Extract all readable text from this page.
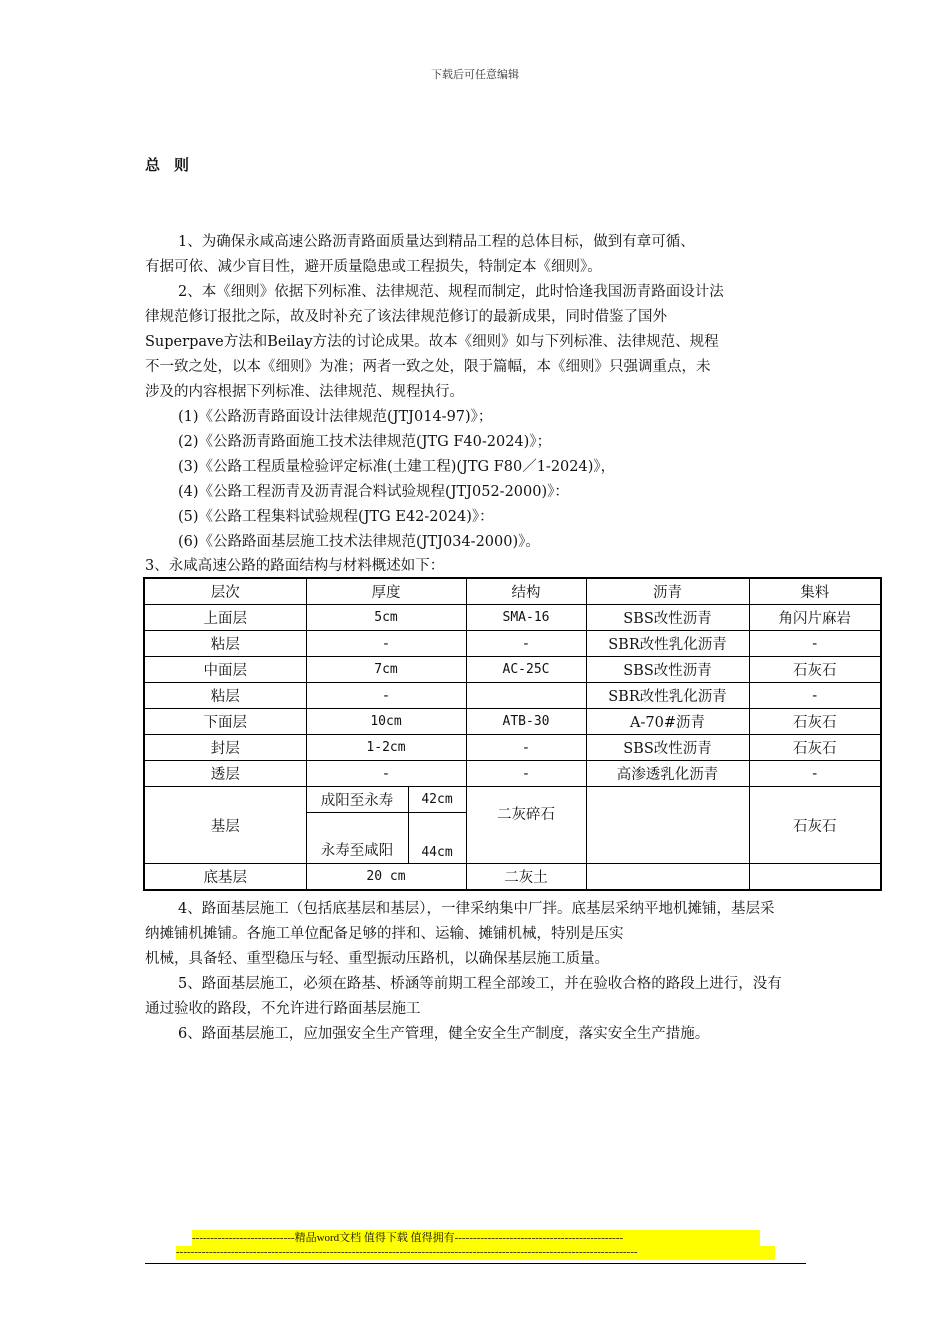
下载后可任意编辑
总则
1、为确保永咸高速公路沥青路面质量达到精品工程的总体目标，做到有章可循、
有据可依、减少盲目性，避开质量隐患或工程损失，特制定本《细则》。
2、本《细则》依据下列标准、法律规范、规程而制定，此时恰逢我国沥青路面设计法
律规范修订报批之际，故及时补充了该法律规范修订的最新成果，同时借鉴了国外
Superpave方法和Beilay方法的讨论成果。故本《细则》如与下列标准、法律规范、规程
不一致之处，以本《细则》为准；两者一致之处，限于篇幅，本《细则》只强调重点，未
涉及的内容根据下列标准、法律规范、规程执行。
(1)《公路沥青路面设计法律规范(JTJ014-97)》；
(2)《公路沥青路面施工技术法律规范(JTG F40-2024)》；
(3)《公路工程质量检验评定标准(土建工程)(JTG F80／1-2024)》，
(4)《公路工程沥青及沥青混合料试验规程(JTJ052-2000)》：
(5)《公路工程集料试验规程(JTG E42-2024)》：
(6)《公路路面基层施工技术法律规范(JTJ034-2000)》。
3、永咸高速公路的路面结构与材料概述如下：
层次	厚度		结构	沥青	集料
上面层	5cm		SMA-16	SBS改性沥青	角闪片麻岩
粘层	-		-	SBR改性乳化沥青	-
中面层	7cm		AC-25C	SBS改性沥青	石灰石
粘层	-			SBR改性乳化沥青	-
下面层	10cm		ATB-30	A-70#沥青	石灰石
封层	1-2cm		-	SBS改性沥青	石灰石
透层	-		-	高渗透乳化沥青	-
基层	成阳至永寿	42cm	二灰碎石		石灰石
	永寿至咸阳	44cm			
底基层	20 cm		二灰土		
4、路面基层施工（包括底基层和基层），一律采纳集中厂拌。底基层采纳平地机摊铺，基层采
纳摊铺机摊铺。各施工单位配备足够的拌和、运输、摊铺机械，特别是压实
机械，具备轻、重型稳压与轻、重型振动压路机，以确保基层施工质量。
5、路面基层施工，必须在路基、桥涵等前期工程全部竣工，并在验收合格的路段上进行，没有
通过验收的路段，不允许进行路面基层施工
6、路面基层施工，应加强安全生产管理，健全安全生产制度，落实安全生产措施。
----------------------------精品word文档 值得下载 值得拥有----------------------------------------------
------------------------------------------------------------------------------------------------------------------------------
